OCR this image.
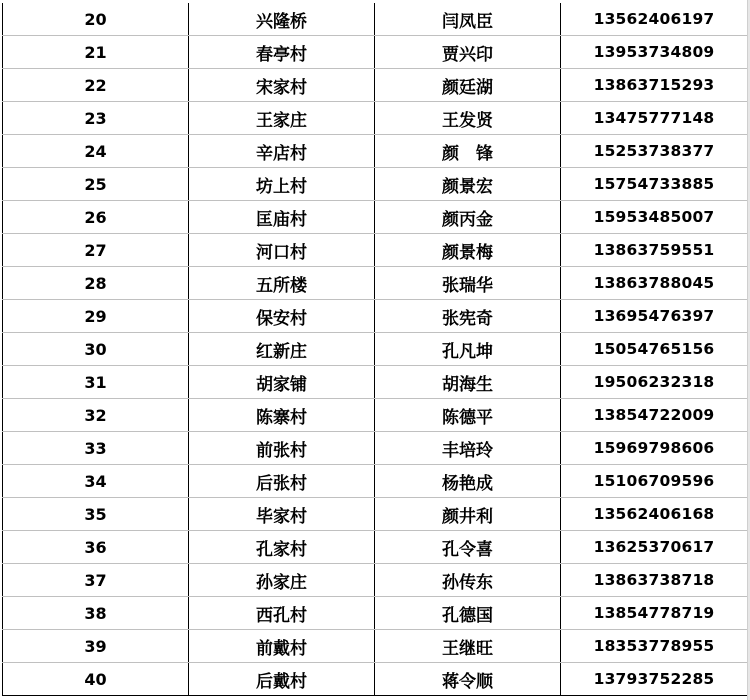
20	兴隆桥	闫凤臣	13562406197
21	春亭村	贾兴印	13953734809
22	宋家村	颜廷湖	13863715293
23	王家庄	王发贤	13475777148
24	辛店村	颜　锋	15253738377
25	坊上村	颜景宏	15754733885
26	匡庙村	颜丙金	15953485007
27	河口村	颜景梅	13863759551
28	五所楼	张瑞华	13863788045
29	保安村	张宪奇	13695476397
30	红新庄	孔凡坤	15054765156
31	胡家铺	胡海生	19506232318
32	陈寨村	陈德平	13854722009
33	前张村	丰培玲	15969798606
34	后张村	杨艳成	15106709596
35	毕家村	颜井利	13562406168
36	孔家村	孔令喜	13625370617
37	孙家庄	孙传东	13863738718
38	西孔村	孔德国	13854778719
39	前戴村	王继旺	18353778955
40	后戴村	蒋令顺	13793752285
